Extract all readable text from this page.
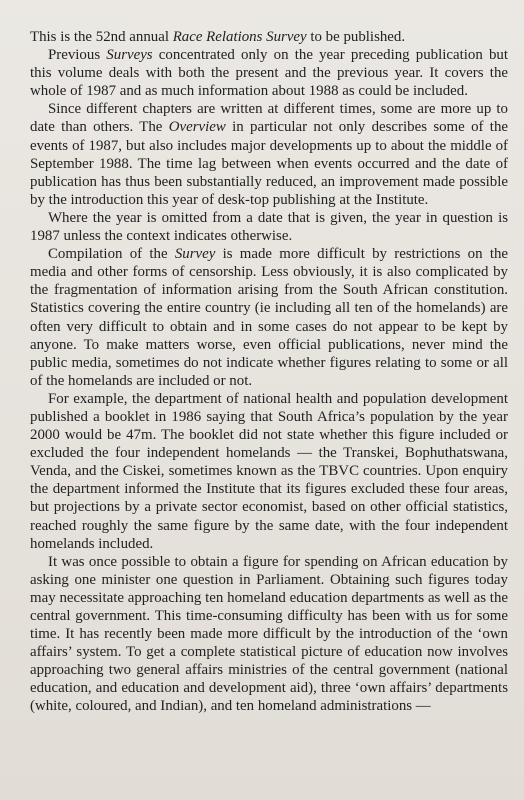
This is the 52nd annual Race Relations Survey to be published.

Previous Surveys concentrated only on the year preceding publication but this volume deals with both the present and the previous year. It covers the whole of 1987 and as much information about 1988 as could be included.

Since different chapters are written at different times, some are more up to date than others. The Overview in particular not only describes some of the events of 1987, but also includes major developments up to about the middle of September 1988. The time lag between when events occurred and the date of publication has thus been substantially reduced, an improvement made possible by the introduction this year of desk-top publishing at the Institute.

Where the year is omitted from a date that is given, the year in question is 1987 unless the context indicates otherwise.

Compilation of the Survey is made more difficult by restrictions on the media and other forms of censorship. Less obviously, it is also complicated by the fragmentation of information arising from the South African constitution. Statistics covering the entire country (ie including all ten of the homelands) are often very difficult to obtain and in some cases do not appear to be kept by anyone. To make matters worse, even official publications, never mind the public media, sometimes do not indicate whether figures relating to some or all of the homelands are included or not.

For example, the department of national health and population development published a booklet in 1986 saying that South Africa’s population by the year 2000 would be 47m. The booklet did not state whether this figure included or excluded the four independent homelands — the Transkei, Bophuthatswana, Venda, and the Ciskei, sometimes known as the TBVC countries. Upon enquiry the department informed the Institute that its figures excluded these four areas, but projections by a private sector economist, based on other official statistics, reached roughly the same figure by the same date, with the four independent homelands included.

It was once possible to obtain a figure for spending on African education by asking one minister one question in Parliament. Obtaining such figures today may necessitate approaching ten homeland education departments as well as the central government. This time-consuming difficulty has been with us for some time. It has recently been made more difficult by the introduction of the ‘own affairs’ system. To get a complete statistical picture of education now involves approaching two general affairs ministries of the central government (national education, and education and development aid), three ‘own affairs’ departments (white, coloured, and Indian), and ten homeland administrations —
